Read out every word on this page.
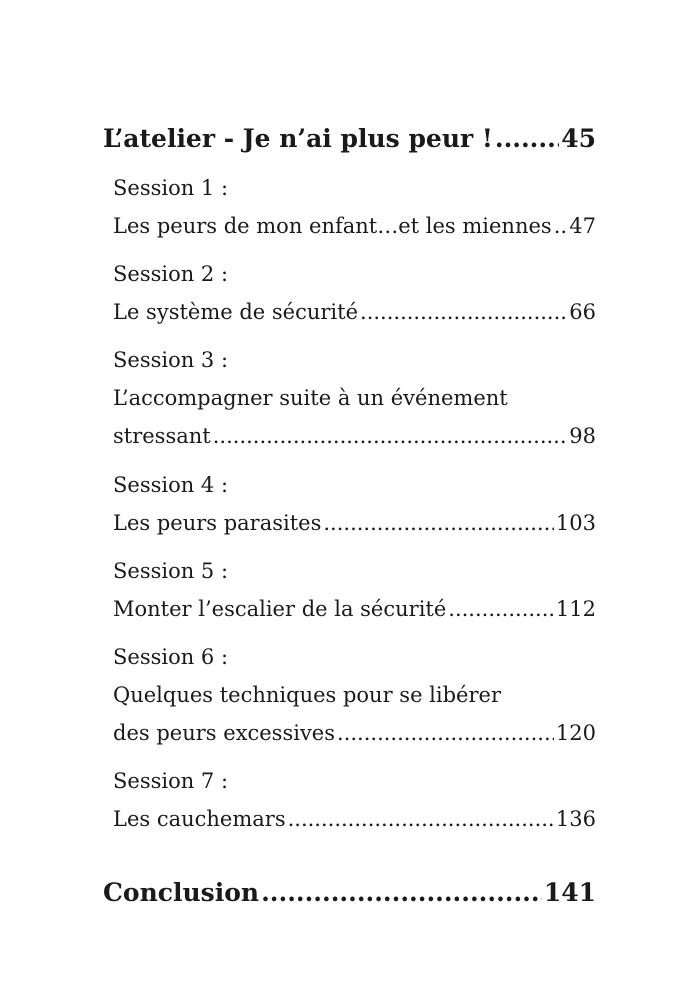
L’atelier - Je n’ai plus peur ! .....	45
Session 1 :
Les peurs de mon enfant…et les miennes ..... 47
Session 2 :
Le système de sécurité .....	66
Session 3 :
L’accompagner suite à un événement
stressant .....	98
Session 4 :
Les peurs parasites .....	103
Session 5 :
Monter l’escalier de la sécurité .....	112
Session 6 :
Quelques techniques pour se libérer
des peurs excessives .....	120
Session 7 :
Les cauchemars .....	136
Conclusion .....	141
